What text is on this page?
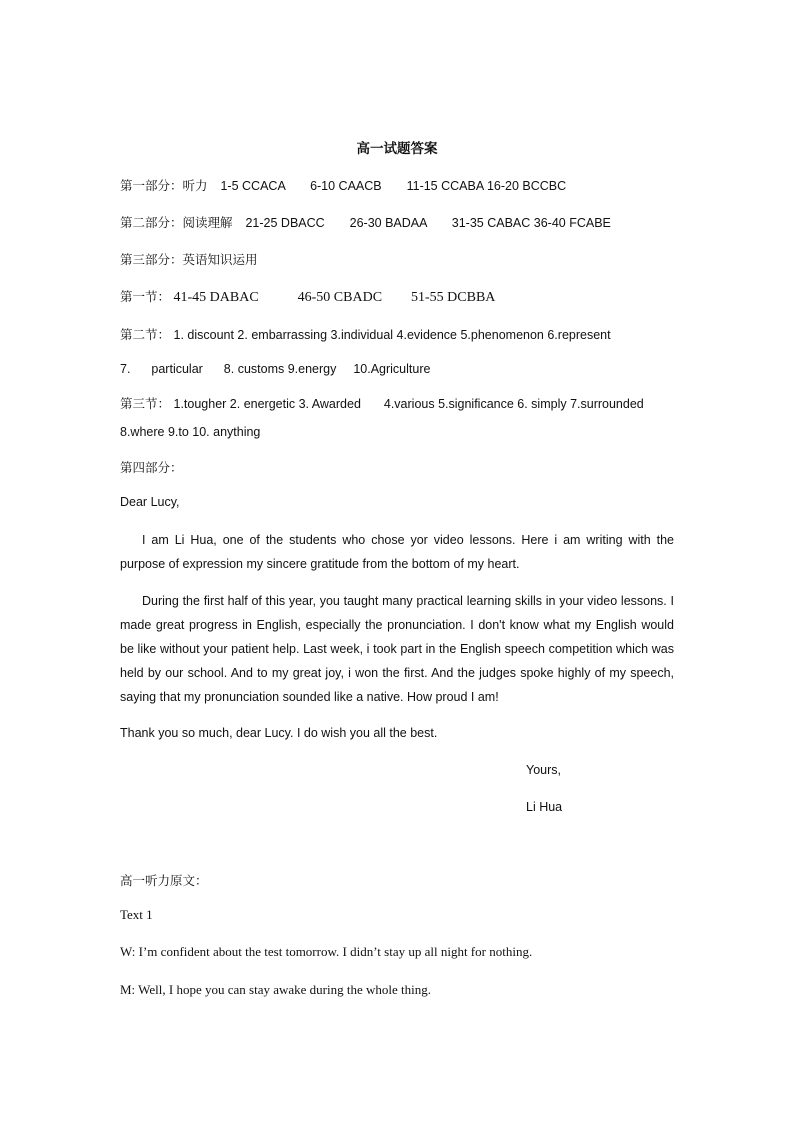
高一试题答案
第一部分：听力 1-5 CCACA 6-10 CAACB 11-15 CCABA 16-20 BCCBC
第二部分：阅读理解 21-25 DBACC 26-30 BADAA 31-35 CABAC 36-40 FCABE
第三部分：英语知识运用
第一节： 41-45 DABAC	46-50 CBADC 51-55 DCBBA
第二节： 1. discount 2. embarrassing 3.individual 4.evidence 5.phenomenon 6.represent
7. particular 8. customs 9.energy 10.Agriculture
第三节： 1.tougher 2. energetic 3. Awarded 4.various 5.significance 6. simply 7.surrounded
8.where 9.to 10. anything
第四部分：
Dear Lucy,
I am Li Hua, one of the students who chose yor video lessons. Here i am writing with the purpose of expression my sincere gratitude from the bottom of my heart.
During the first half of this year, you taught many practical learning skills in your video lessons. I made great progress in English, especially the pronunciation. I don't know what my English would be like without your patient help. Last week, i took part in the English speech competition which was held by our school. And to my great joy, i won the first. And the judges spoke highly of my speech, saying that my pronunciation sounded like a native. How proud I am!
Thank you so much, dear Lucy. I do wish you all the best.
Yours,
Li Hua
高一听力原文：
Text 1
W: I’m confident about the test tomorrow. I didn’t stay up all night for nothing.
M: Well, I hope you can stay awake during the whole thing.
